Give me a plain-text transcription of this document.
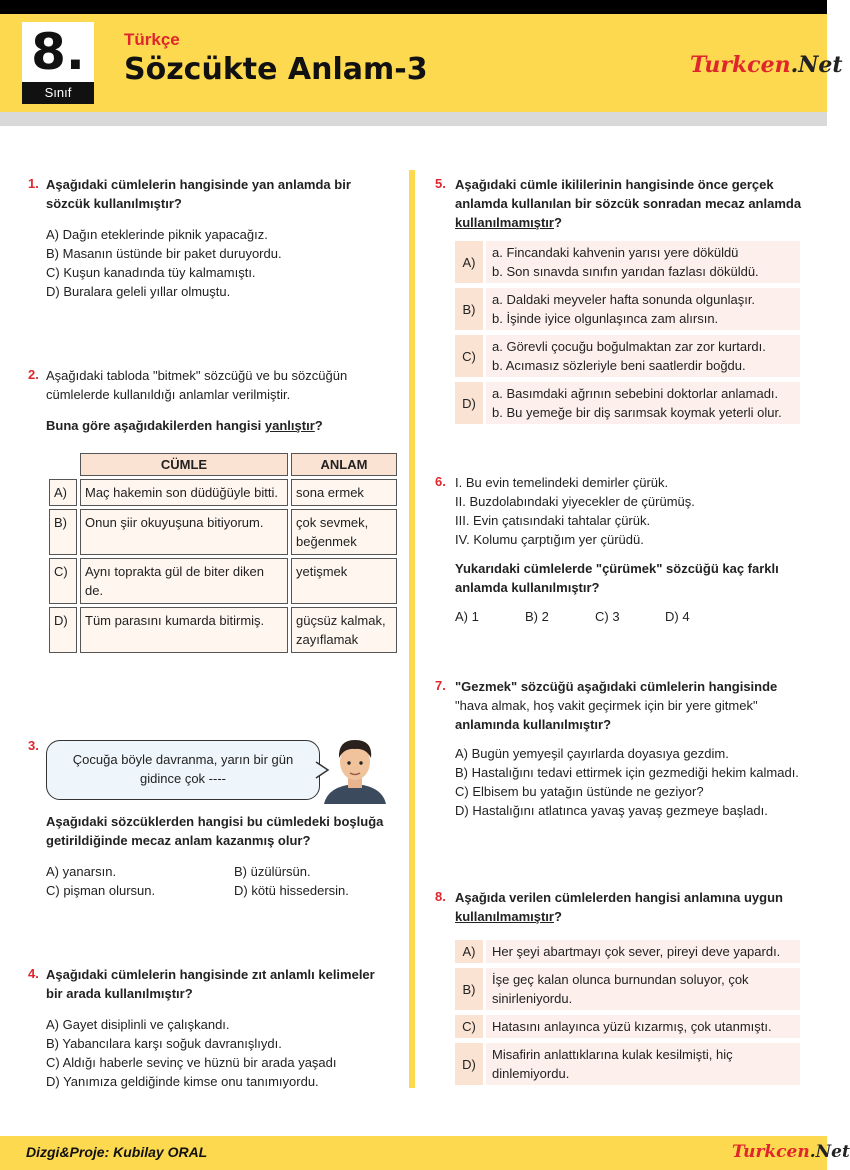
8.
Sınıf
Türkçe
Sözcükte Anlam-3	Turkcen.Net
1. Aşağıdaki cümlelerin hangisinde yan anlamda bir sözcük kullanılmıştır?
A) Dağın eteklerinde piknik yapacağız.
B) Masanın üstünde bir paket duruyordu.
C) Kuşun kanadında tüy kalmamıştı.
D) Buralara geleli yıllar olmuştu.
2. Aşağıdaki tabloda "bitmek" sözcüğü ve bu sözcüğün cümlelerde kullanıldığı anlamlar verilmiştir.
Buna göre aşağıdakilerden hangisi yanlıştır?
	CÜMLE	ANLAM
A)	Maç hakemin son düdüğüyle bitti.	sona ermek
B)	Onun şiir okuyuşuna bitiyorum.	çok sevmek, beğenmek
C)	Aynı toprakta gül de biter diken de.	yetişmek
D)	Tüm parasını kumarda bitirmiş.	güçsüz kalmak, zayıflamak
3.
Çocuğa böyle davranma, yarın bir gün gidince çok ----
Aşağıdaki sözcüklerden hangisi bu cümledeki boşluğa getirildiğinde mecaz anlam kazanmış olur?
A) yanarsın.	B) üzülürsün.
C) pişman olursun.	D) kötü hissedersin.
4. Aşağıdaki cümlelerin hangisinde zıt anlamlı kelimeler bir arada kullanılmıştır?
A) Gayet disiplinli ve çalışkandı.
B) Yabancılara karşı soğuk davranışlıydı.
C) Aldığı haberle sevinç ve hüznü bir arada yaşadı
D) Yanımıza geldiğinde kimse onu tanımıyordu.
5. Aşağıdaki cümle ikililerinin hangisinde önce gerçek anlamda kullanılan bir sözcük sonradan mecaz anlamda kullanılmamıştır?
A)
a. Fincandaki kahvenin yarısı yere döküldü
b. Son sınavda sınıfın yarıdan fazlası döküldü.
B)
a. Daldaki meyveler hafta sonunda olgunlaşır.
b. İşinde iyice olgunlaşınca zam alırsın.
C)
a. Görevli çocuğu boğulmaktan zar zor kurtardı.
b. Acımasız sözleriyle beni saatlerdir boğdu.
D)
a. Basımdaki ağrının sebebini doktorlar anlamadı.
b. Bu yemeğe bir diş sarımsak koymak yeterli olur.
6. I. Bu evin temelindeki demirler çürük.
II. Buzdolabındaki yiyecekler de çürümüş.
III. Evin çatısındaki tahtalar çürük.
IV. Kolumu çarptığım yer çürüdü.
Yukarıdaki cümlelerde "çürümek" sözcüğü kaç farklı anlamda kullanılmıştır?
A) 1	B) 2	C) 3	D) 4
7. "Gezmek" sözcüğü aşağıdaki cümlelerin hangisinde "hava almak, hoş vakit geçirmek için bir yere gitmek" anlamında kullanılmıştır?
A) Bugün yemyeşil çayırlarda doyasıya gezdim.
B) Hastalığını tedavi ettirmek için gezmediği hekim kalmadı.
C) Elbisem bu yatağın üstünde ne geziyor?
D) Hastalığını atlatınca yavaş yavaş gezmeye başladı.
8. Aşağıda verilen cümlelerden hangisi anlamına uygun kullanılmamıştır?
A)	Her şeyi abartmayı çok sever, pireyi deve yapardı.
B)
İşe geç kalan olunca burnundan soluyor, çok sinirleniyordu.
C)	Hatasını anlayınca yüzü kızarmış, çok utanmıştı.
D)
Misafirin anlattıklarına kulak kesilmişti, hiç dinlemiyordu.
Dizgi&Proje: Kubilay ORAL	Turkcen.Net
